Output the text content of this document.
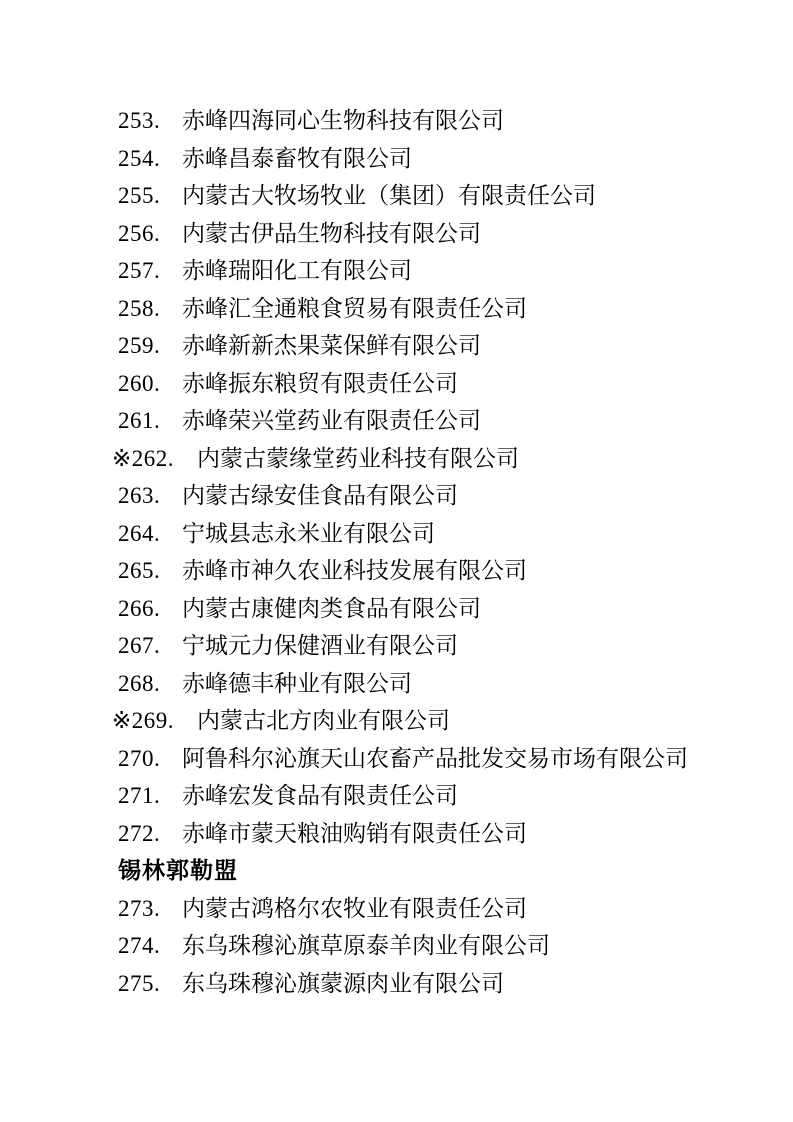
253. 赤峰四海同心生物科技有限公司
254. 赤峰昌泰畜牧有限公司
255. 内蒙古大牧场牧业（集团）有限责任公司
256. 内蒙古伊品生物科技有限公司
257. 赤峰瑞阳化工有限公司
258. 赤峰汇全通粮食贸易有限责任公司
259. 赤峰新新杰果菜保鲜有限公司
260. 赤峰振东粮贸有限责任公司
261. 赤峰荣兴堂药业有限责任公司
※262. 内蒙古蒙缘堂药业科技有限公司
263. 内蒙古绿安佳食品有限公司
264. 宁城县志永米业有限公司
265. 赤峰市神久农业科技发展有限公司
266. 内蒙古康健肉类食品有限公司
267. 宁城元力保健酒业有限公司
268. 赤峰德丰种业有限公司
※269. 内蒙古北方肉业有限公司
270. 阿鲁科尔沁旗天山农畜产品批发交易市场有限公司
271. 赤峰宏发食品有限责任公司
272. 赤峰市蒙天粮油购销有限责任公司
锡林郭勒盟
273. 内蒙古鸿格尔农牧业有限责任公司
274. 东乌珠穆沁旗草原泰羊肉业有限公司
275. 东乌珠穆沁旗蒙源肉业有限公司
